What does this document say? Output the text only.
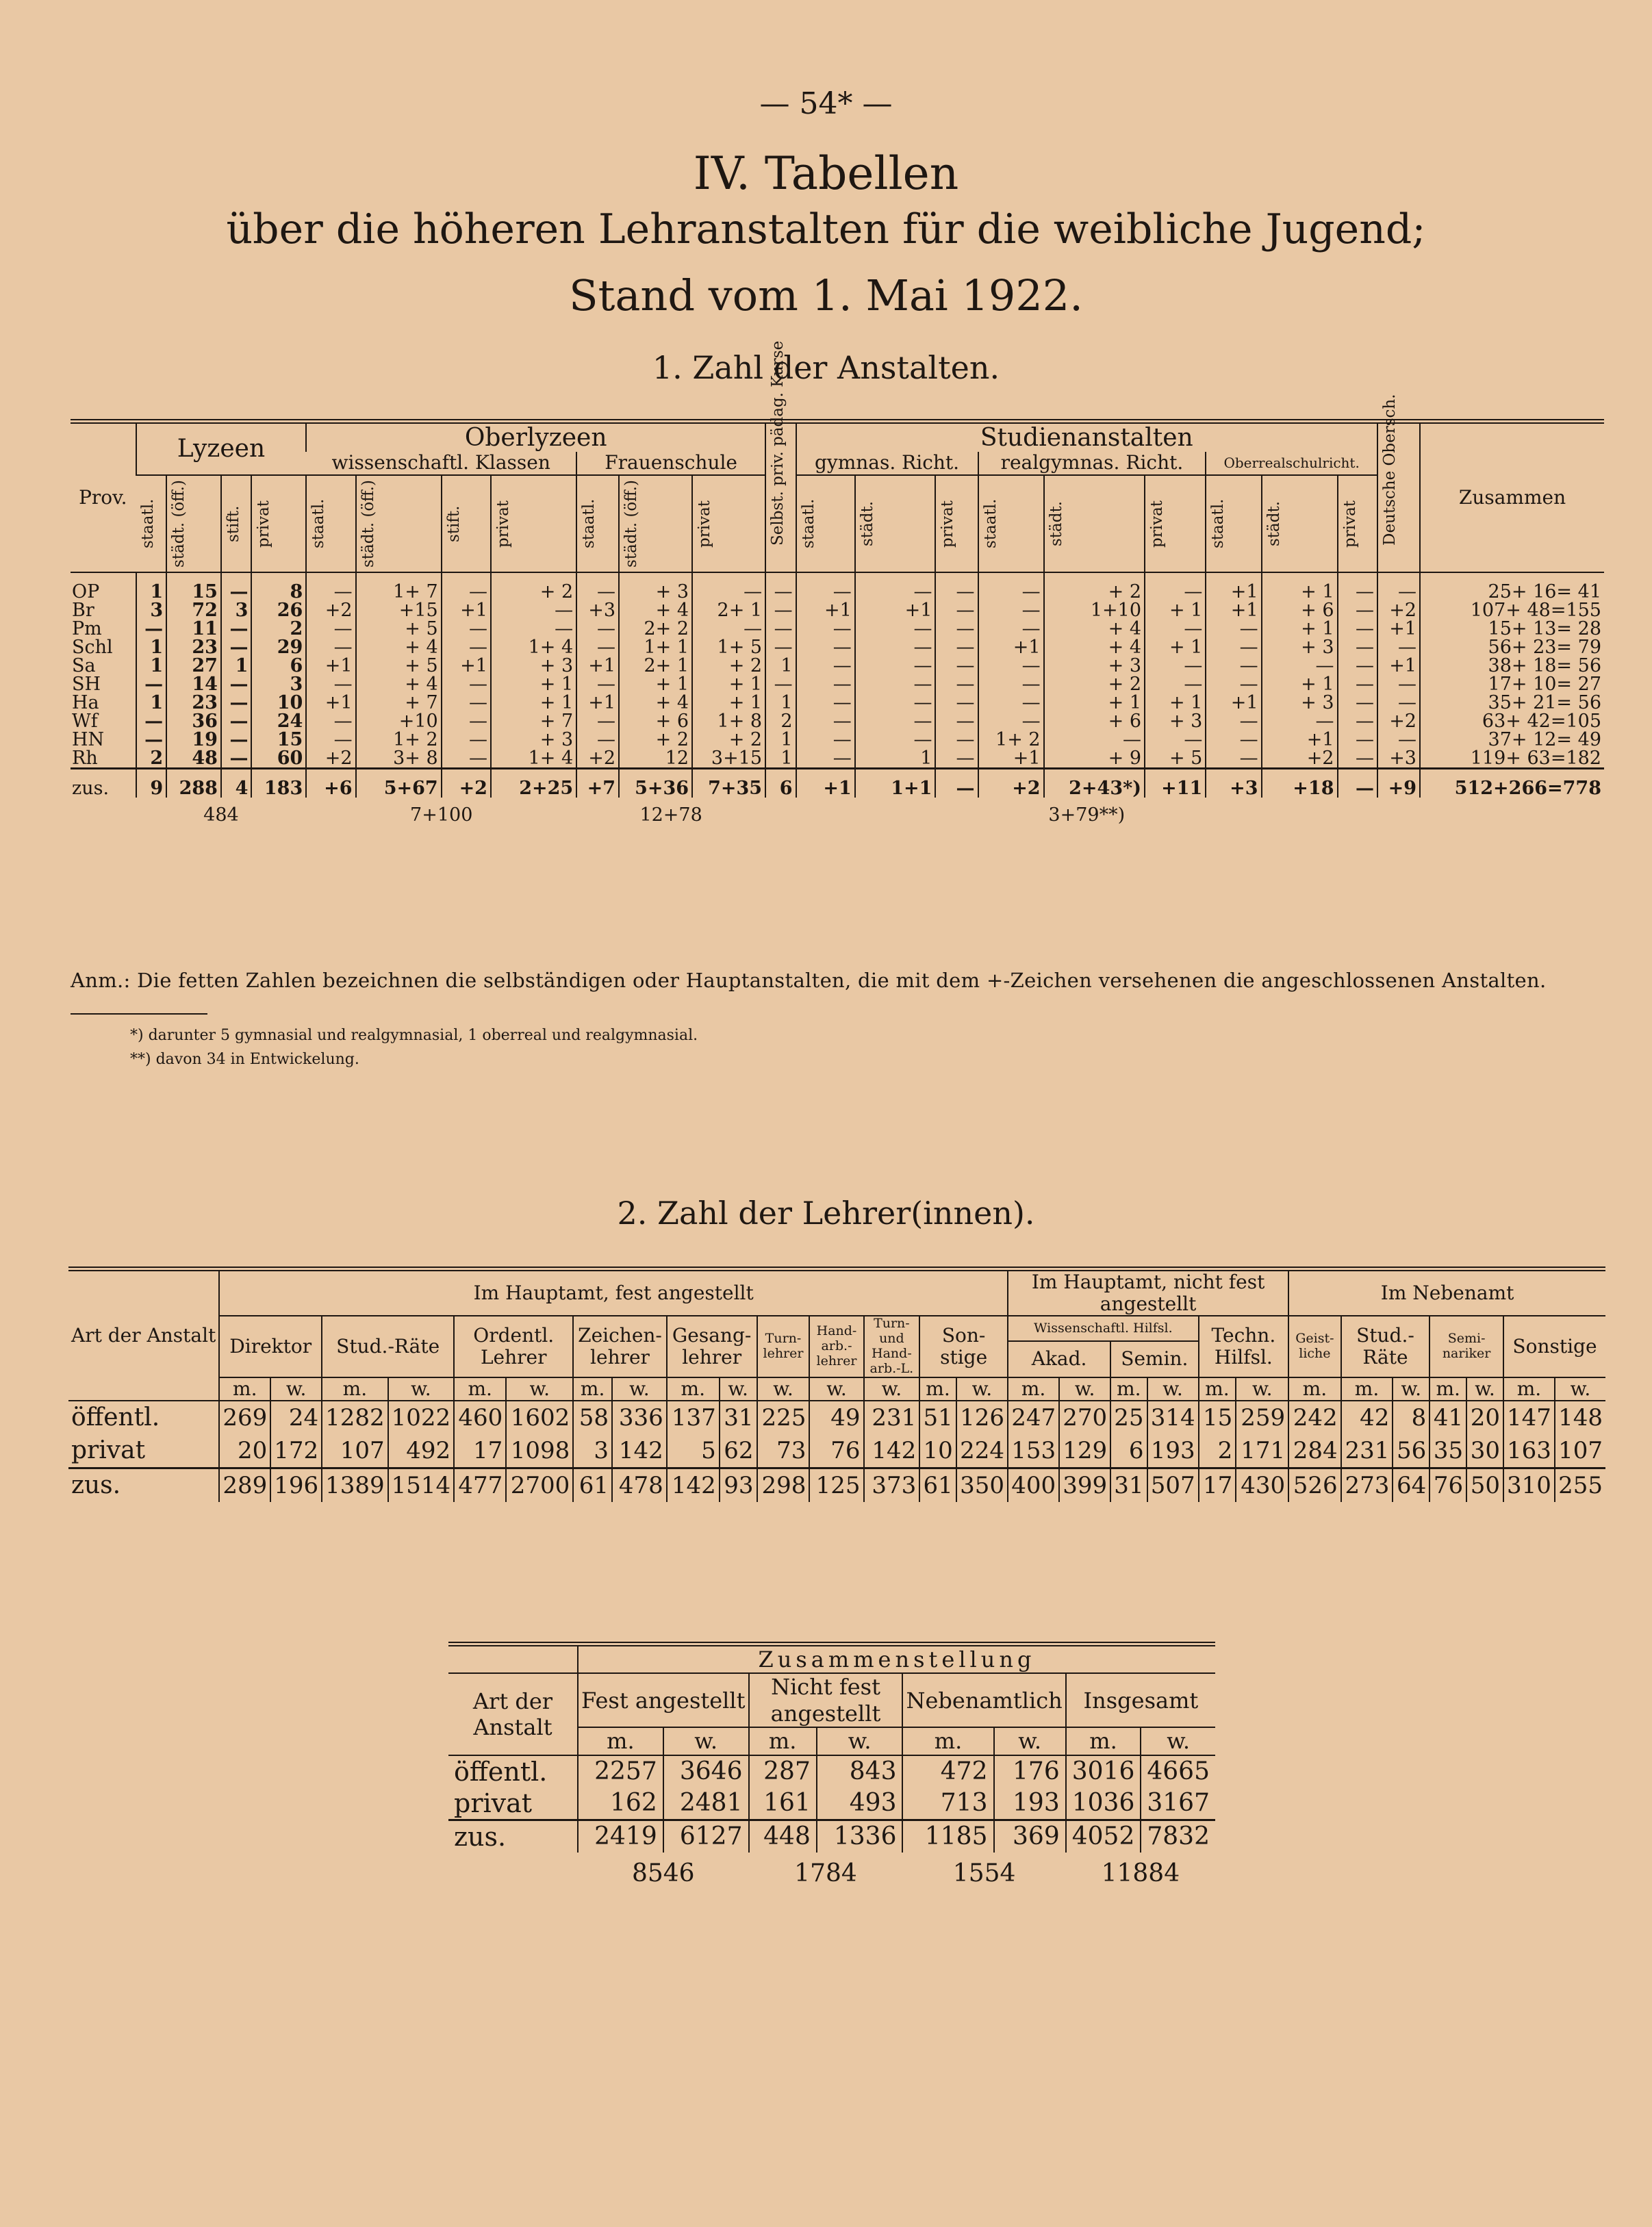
— 54* —
IV. Tabellen
über die höheren Lehranstalten für die weibliche Jugend;
Stand vom 1. Mai 1922.
1. Zahl der Anstalten.
Prov.	Lyzeen				Oberlyzeen							Selbst. priv. pädag. Kurse	Studienanstalten									Deutsche Obersch.	Zusammen
					wissenschaftl. Klassen				Frauenschule				gymnas. Richt.			realgymnas. Richt.			Oberrealschulricht.				

	staatl.	städt. (öff.)	stift.	privat	staatl.	städt. (öff.)	stift.	privat	staatl.	städt. (öff.)	privat		staatl.	städt.	privat	staatl.	städt.	privat	staatl.	städt.	privat		

OP	1	15	—	8	—	1+ 7	—	+ 2	—	+ 3	—	—	—	—	—	—	+ 2	—	+1	+ 1	—	—	25+ 16= 41
Br	3	72	3	26	+2	+15	+1	—	+3	+ 4	2+ 1	—	+1	+1	—	—	1+10	+ 1	+1	+ 6	—	+2	107+ 48=155
Pm	—	11	—	2	—	+ 5	—	—	—	2+ 2	—	—	—	—	—	—	+ 4	—	—	+ 1	—	+1	15+ 13= 28
Schl	1	23	—	29	—	+ 4	—	1+ 4	—	1+ 1	1+ 5	—	—	—	—	+1	+ 4	+ 1	—	+ 3	—	—	56+ 23= 79
Sa	1	27	1	6	+1	+ 5	+1	+ 3	+1	2+ 1	+ 2	1	—	—	—	—	+ 3	—	—	—	—	+1	38+ 18= 56
SH	—	14	—	3	—	+ 4	—	+ 1	—	+ 1	+ 1	—	—	—	—	—	+ 2	—	—	+ 1	—	—	17+ 10= 27
Ha	1	23	—	10	+1	+ 7	—	+ 1	+1	+ 4	+ 1	1	—	—	—	—	+ 1	+ 1	+1	+ 3	—	—	35+ 21= 56
Wf	—	36	—	24	—	+10	—	+ 7	—	+ 6	1+ 8	2	—	—	—	—	+ 6	+ 3	—	—	—	+2	63+ 42=105
HN	—	19	—	15	—	1+ 2	—	+ 3	—	+ 2	+ 2	1	—	—	—	1+ 2	—	—	—	+1	—	—	37+ 12= 49
Rh	2	48	—	60	+2	3+ 8	—	1+ 4	+2	12	3+15	1	—	1	—	+1	+ 9	+ 5	—	+2	—	+3	119+ 63=182
zus.	9	288	4	183	+6	5+67	+2	2+25	+7	5+36	7+35	6	+1	1+1	—	+2	2+43*)	+11	+3	+18	—	+9	512+266=778
	484				7+100				12+78				3+79**)										
Anm.: Die fetten Zahlen bezeichnen die selbständigen oder Hauptanstalten, die mit dem +-Zeichen versehenen die angeschlossenen Anstalten.
*) darunter 5 gymnasial und realgymnasial, 1 oberreal und realgymnasial.
**) davon 34 in Entwickelung.
2. Zahl der Lehrer(innen).
Art der Anstalt	Im Hauptamt, fest angestellt															Im Hauptamt, nicht fest angestellt						Im Nebenamt						
	Direktor		Stud.-Räte		Ordentl. Lehrer		Zeichen-lehrer		Gesang-lehrer		Turn-lehrer	Hand-arb.-lehrer	Turn- und Hand-arb.-L.	Son-stige		Wissenschaftl. Hilfsl.				Techn. Hilfsl.		Geist-liche	Stud.-Räte		Semi-nariker		Sonstige	
																Akad.		Semin.										
	m.	w.	m.	w.	m.	w.	m.	w.	m.	w.	w.	w.	w.	m.	w.	m.	w.	m.	w.	m.	w.	m.	m.	w.	m.	w.	m.	w.
öffentl.	269	24	1282	1022	460	1602	58	336	137	31	225	49	231	51	126	247	270	25	314	15	259	242	42	8	41	20	147	148
privat	20	172	107	492	17	1098	3	142	5	62	73	76	142	10	224	153	129	6	193	2	171	284	231	56	35	30	163	107
zus.	289	196	1389	1514	477	2700	61	478	142	93	298	125	373	61	350	400	399	31	507	17	430	526	273	64	76	50	310	255
	Zusammenstellung							
Art der Anstalt	Fest angestellt		Nicht fest angestellt		Nebenamtlich		Insgesamt	
	m.	w.	m.	w.	m.	w.	m.	w.
öffentl.	2257	3646	287	843	472	176	3016	4665
privat	162	2481	161	493	713	193	1036	3167
zus.	2419	6127	448	1336	1185	369	4052	7832
	8546		1784		1554		11884	
